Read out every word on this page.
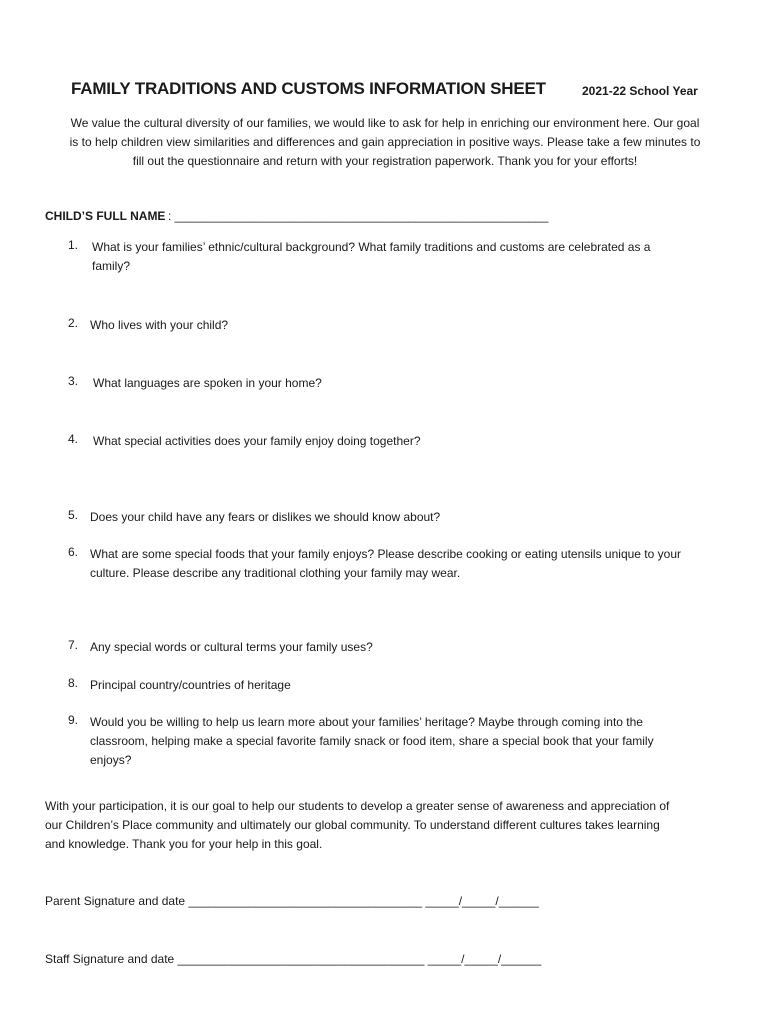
FAMILY TRADITIONS AND CUSTOMS INFORMATION SHEET	2021-22 School Year
We value the cultural diversity of our families, we would like to ask for help in enriching our environment here. Our goal
is to help children view similarities and differences and gain appreciation in positive ways. Please take a few minutes to
fill out the questionnaire and return with your registration paperwork. Thank you for your efforts!
CHILD’S FULL NAME : ________________________________________________________
1. What is your families’ ethnic/cultural background? What family traditions and customs are celebrated as a
family?
2. Who lives with your child?
3. What languages are spoken in your home?
4. What special activities does your family enjoy doing together?
5. Does your child have any fears or dislikes we should know about?
6. What are some special foods that your family enjoys? Please describe cooking or eating utensils unique to your
culture. Please describe any traditional clothing your family may wear.
7. Any special words or cultural terms your family uses?
8. Principal country/countries of heritage
9. Would you be willing to help us learn more about your families’ heritage? Maybe through coming into the
classroom, helping make a special favorite family snack or food item, share a special book that your family
enjoys?
With your participation, it is our goal to help our students to develop a greater sense of awareness and appreciation of
our Children’s Place community and ultimately our global community. To understand different cultures takes learning
and knowledge. Thank you for your help in this goal.
Parent Signature and date ___________________________________ _____/_____/______
Staff Signature and date _____________________________________ _____/_____/______
